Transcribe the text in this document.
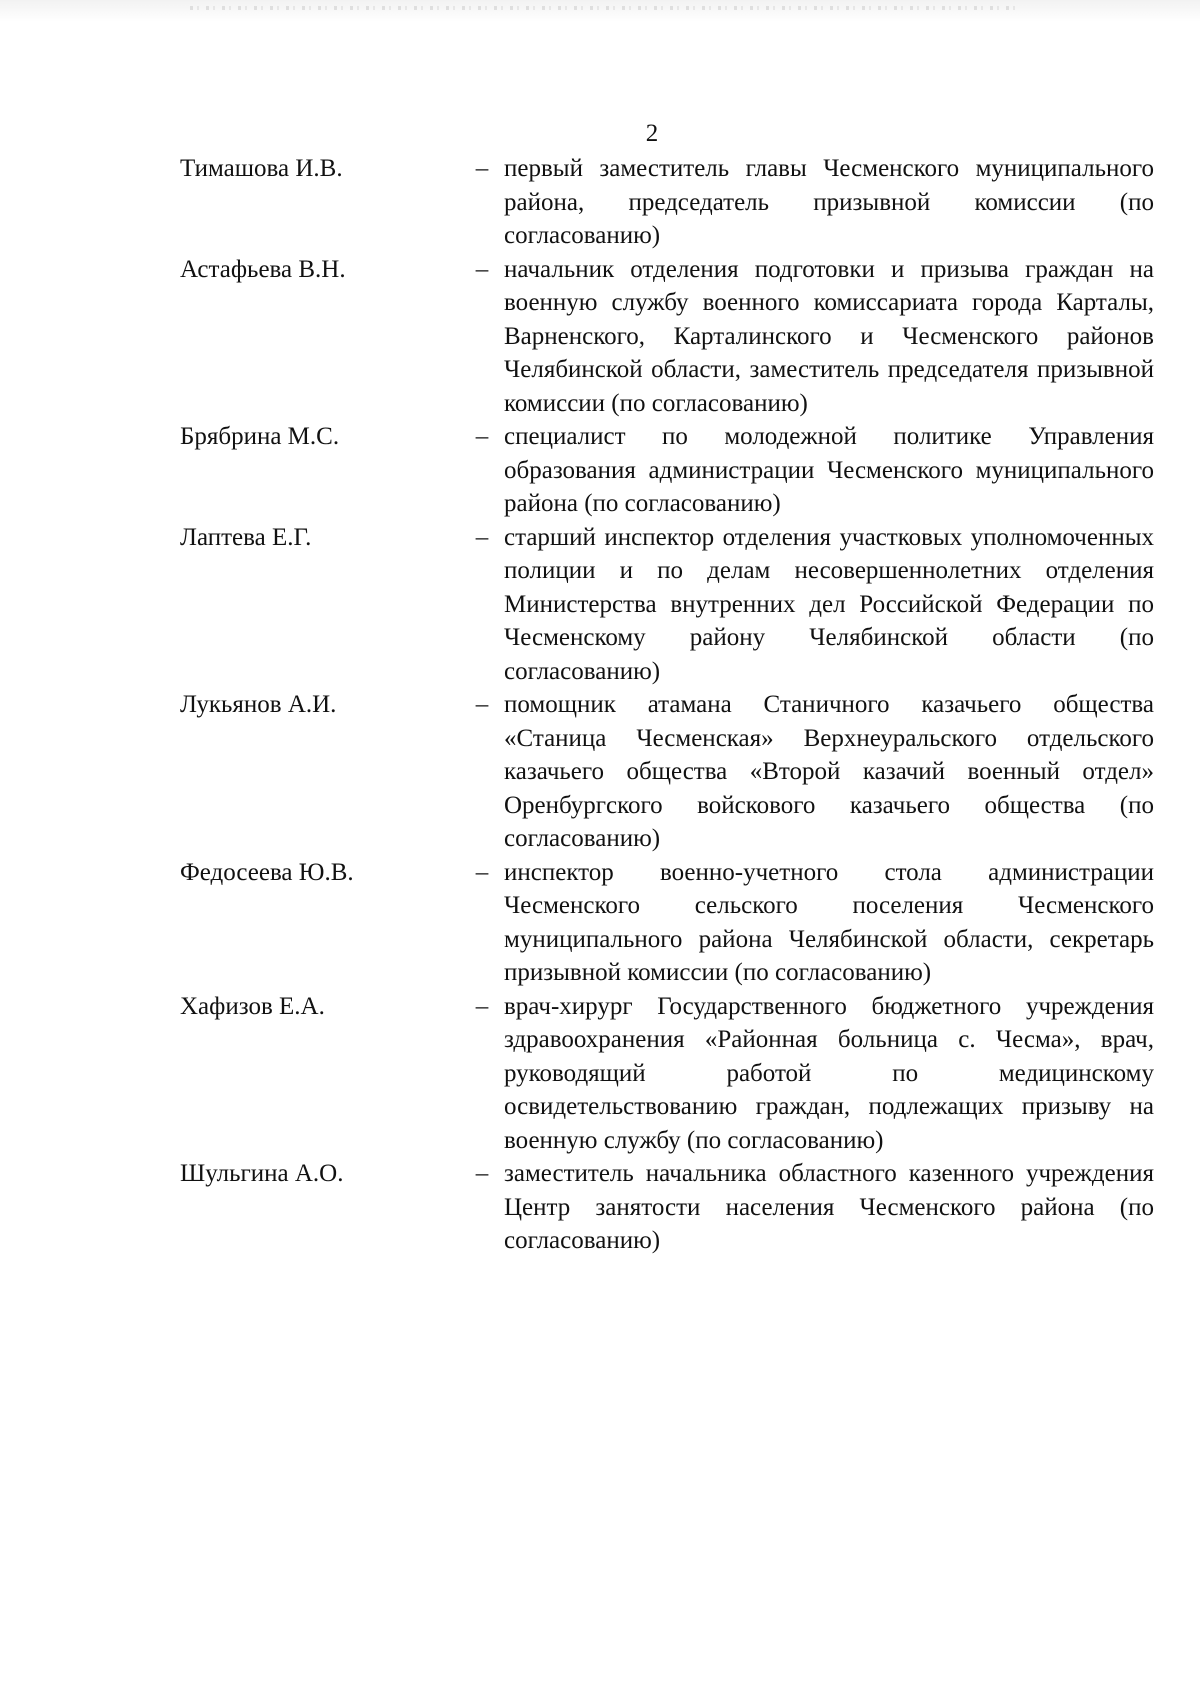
2
Тимашова И.В.	– первый заместитель главы Чесменского муниципального района, председатель призывной комиссии (по согласованию)
Астафьева В.Н.	– начальник отделения подготовки и призыва граждан на военную службу военного комиссариата города Карталы, Варненского, Карталинского и Чесменского районов Челябинской области, заместитель председателя призывной комиссии (по согласованию)
Брябрина М.С.	– специалист по молодежной политике Управления образования администрации Чесменского муниципального района (по согласованию)
Лаптева Е.Г.	– старший инспектор отделения участковых уполномоченных полиции и по делам несовершеннолетних отделения Министерства внутренних дел Российской Федерации по Чесменскому району Челябинской области (по согласованию)
Лукьянов А.И.	– помощник атамана Станичного казачьего общества «Станица Чесменская» Верхнеуральского отдельского казачьего общества «Второй казачий военный отдел» Оренбургского войскового казачьего общества (по согласованию)
Федосеева Ю.В.	– инспектор военно-учетного стола администрации Чесменского сельского поселения Чесменского муниципального района Челябинской области, секретарь призывной комиссии (по согласованию)
Хафизов Е.А.	– врач-хирург Государственного бюджетного учреждения здравоохранения «Районная больница с. Чесма», врач, руководящий работой по медицинскому освидетельствованию граждан, подлежащих призыву на военную службу (по согласованию)
Шульгина А.О.	– заместитель начальника областного казенного учреждения Центр занятости населения Чесменского района (по согласованию)
